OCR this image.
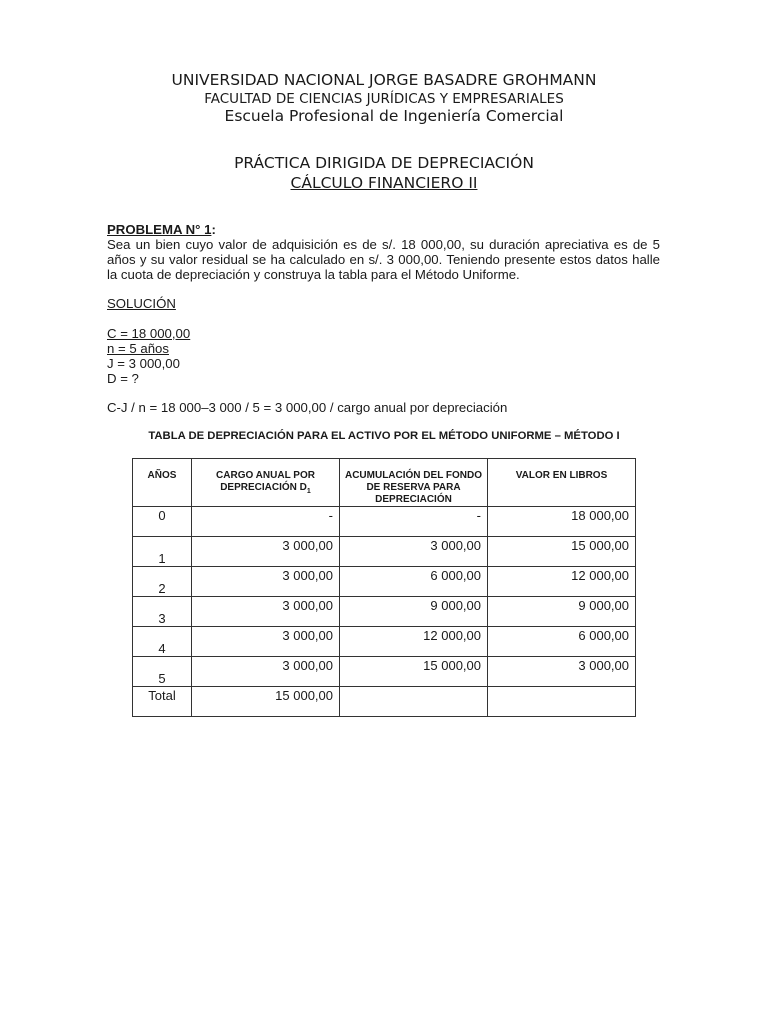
UNIVERSIDAD NACIONAL JORGE BASADRE GROHMANN
FACULTAD DE CIENCIAS JURÍDICAS Y EMPRESARIALES
Escuela Profesional de Ingeniería Comercial
PRÁCTICA DIRIGIDA DE DEPRECIACIÓN
CÁLCULO FINANCIERO II
PROBLEMA N° 1:
Sea un bien cuyo valor de adquisición es de s/. 18 000,00, su duración apreciativa es de 5 años y su valor residual se ha calculado en s/. 3 000,00. Teniendo presente estos datos halle la cuota de depreciación y construya la tabla para el Método Uniforme.
SOLUCIÓN
C = 18 000,00
n = 5 años
J = 3 000,00
D = ?
C-J / n = 18 000–3 000 / 5 = 3 000,00 / cargo anual por depreciación
TABLA DE DEPRECIACIÓN PARA EL ACTIVO POR EL MÉTODO UNIFORME – MÉTODO I
AÑOS	CARGO ANUAL POR DEPRECIACIÓN $D_1$	ACUMULACIÓN DEL FONDO DE RESERVA PARA DEPRECIACIÓN	VALOR EN LIBROS
0	-	-	18 000,00
1	3 000,00	3 000,00	15 000,00
2	3 000,00	6 000,00	12 000,00
3	3 000,00	9 000,00	9 000,00
4	3 000,00	12 000,00	6 000,00
5	3 000,00	15 000,00	3 000,00
Total	15 000,00		
